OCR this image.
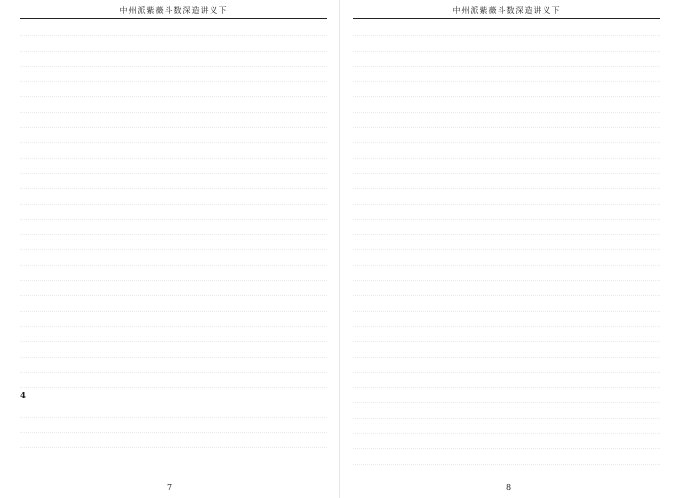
中州派紫薇斗数深造讲义下

4

7
中州派紫薇斗数深造讲义下

8
